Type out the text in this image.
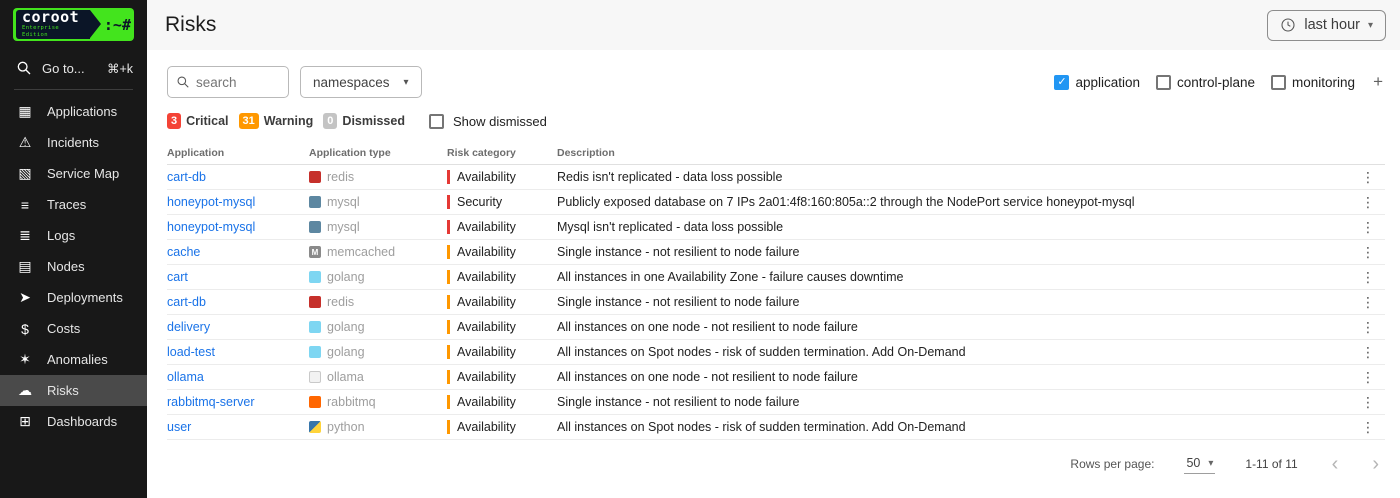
coroot
Enterprise Edition
:~#
Go to...	⌘+k
▦ Applications
⚠ Incidents
▧ Service Map
≡	Traces
≣ Logs
▤ Nodes
➤ Deployments
$	Costs
✶ Anomalies
☁ Risks
⊞ Dashboards
Risks	last hour ▾
search
namespaces ▾	✓ application	control-plane	monitoring +
3 Critical	31 Warning	0 Dismissed	Show dismissed
Application	Application type	Risk category	Description
cart-db	redis	Availability	Redis isn't replicated - data loss possible	⋮
honeypot-mysql	mysql	Security	Publicly exposed database on 7 IPs 2a01:4f8:160:805a::2 through the NodePort service honeypot-mysql	⋮
honeypot-mysql	mysql	Availability	Mysql isn't replicated - data loss possible	⋮
cache	M memcached	Availability	Single instance - not resilient to node failure	⋮
cart	golang	Availability	All instances in one Availability Zone - failure causes downtime	⋮
cart-db	redis	Availability	Single instance - not resilient to node failure	⋮
delivery	golang	Availability	All instances on one node - not resilient to node failure	⋮
load-test	golang	Availability	All instances on Spot nodes - risk of sudden termination. Add On-Demand	⋮
ollama	ollama	Availability	All instances on one node - not resilient to node failure	⋮
rabbitmq-server	rabbitmq	Availability	Single instance - not resilient to node failure	⋮
user	python	Availability	All instances on Spot nodes - risk of sudden termination. Add On-Demand	⋮
Rows per page:	50 ▾	1-11 of 11 ‹ ›
